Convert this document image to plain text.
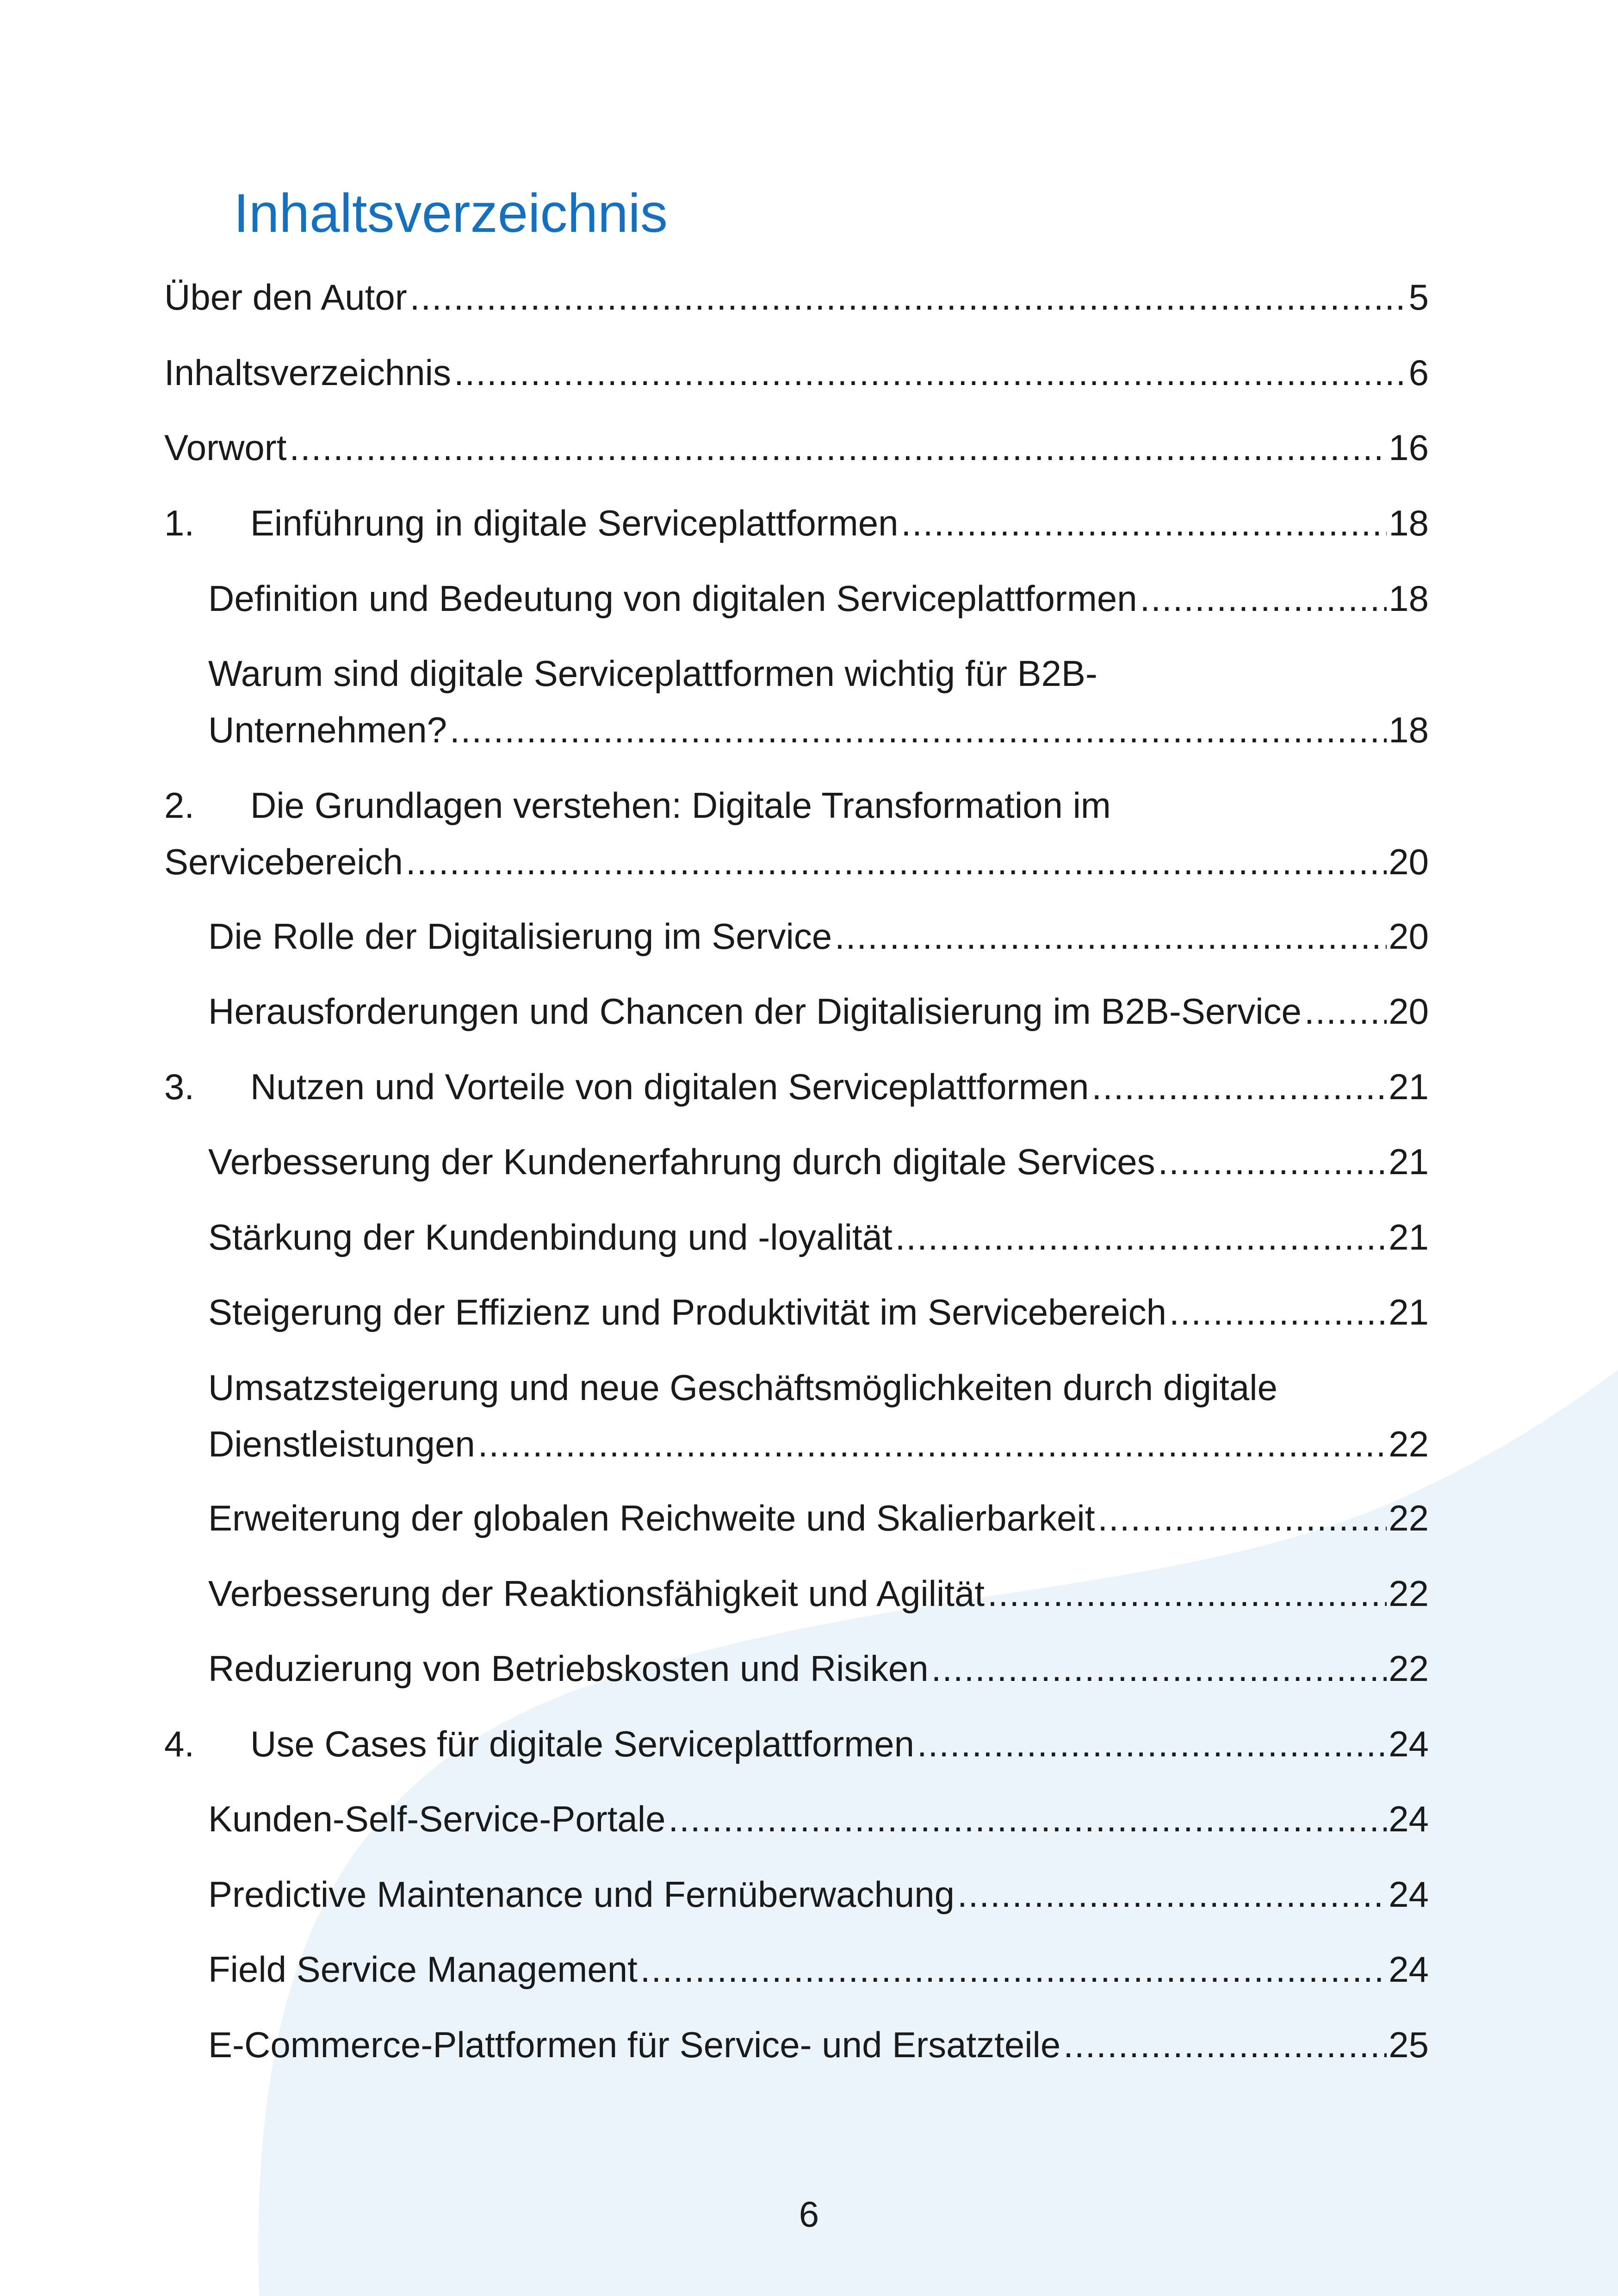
Inhaltsverzeichnis
Über den Autor .....	5
Inhaltsverzeichnis .....	6
Vorwort .....	16
1.	Einführung in digitale Serviceplattformen .....	18
Definition und Bedeutung von digitalen Serviceplattformen .....	18
Warum sind digitale Serviceplattformen wichtig für B2B-
Unternehmen? .....	18
2. Die Grundlagen verstehen: Digitale Transformation im
Servicebereich .....	20
Die Rolle der Digitalisierung im Service .....	20
Herausforderungen und Chancen der Digitalisierung im B2B-Service ..... 20
3.	Nutzen und Vorteile von digitalen Serviceplattformen .....	21
Verbesserung der Kundenerfahrung durch digitale Services .....	21
Stärkung der Kundenbindung und -loyalität .....	21
Steigerung der Effizienz und Produktivität im Servicebereich .....	21
Umsatzsteigerung und neue Geschäftsmöglichkeiten durch digitale
Dienstleistungen .....	22
Erweiterung der globalen Reichweite und Skalierbarkeit .....	22
Verbesserung der Reaktionsfähigkeit und Agilität .....	22
Reduzierung von Betriebskosten und Risiken .....	22
4.	Use Cases für digitale Serviceplattformen .....	24
Kunden-Self-Service-Portale .....	24
Predictive Maintenance und Fernüberwachung .....	24
Field Service Management .....	24
E-Commerce-Plattformen für Service- und Ersatzteile .....	25
6
